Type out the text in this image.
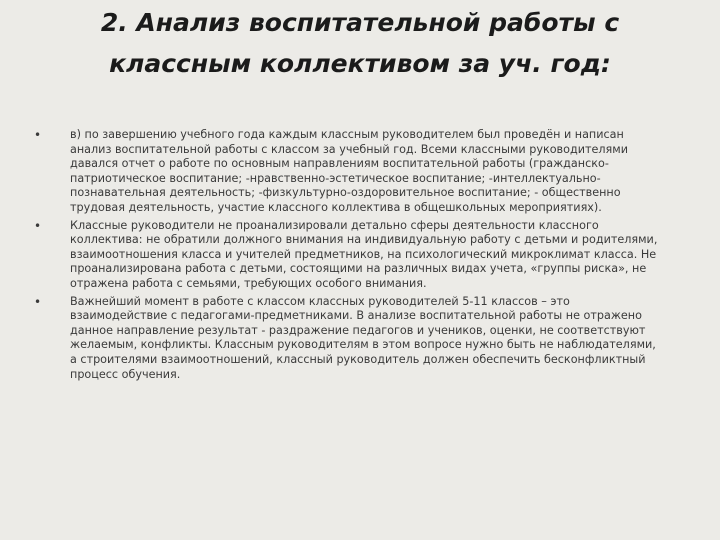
2. Анализ воспитательной работы с классным коллективом за уч. год:
•	в) по завершению учебного года каждым классным руководителем был проведён и написан анализ воспитательной работы с классом за учебный год. Всеми классными руководителями давался отчет о работе по основным направлениям воспитательной работы (гражданско-патриотическое воспитание; -нравственно-эстетическое воспитание; -интеллектуально-познавательная деятельность; -физкультурно-оздоровительное воспитание; - общественно трудовая деятельность, участие классного коллектива в общешкольных мероприятиях).
•	Классные руководители не проанализировали детально сферы деятельности классного коллектива: не обратили должного внимания на индивидуальную работу с детьми и родителями, взаимоотношения класса и учителей предметников, на психологический микроклимат класса. Не проанализирована работа с детьми, состоящими на различных видах учета, «группы риска», не отражена работа с семьями, требующих особого внимания.
•	Важнейший момент в работе с классом классных руководителей 5-11 классов – это взаимодействие с педагогами-предметниками. В анализе воспитательной работы не отражено данное направление результат - раздражение педагогов и учеников, оценки, не соответствуют желаемым, конфликты. Классным руководителям в этом вопросе нужно быть не наблюдателями, а строителями взаимоотношений, классный руководитель должен обеспечить бесконфликтный процесс обучения.
